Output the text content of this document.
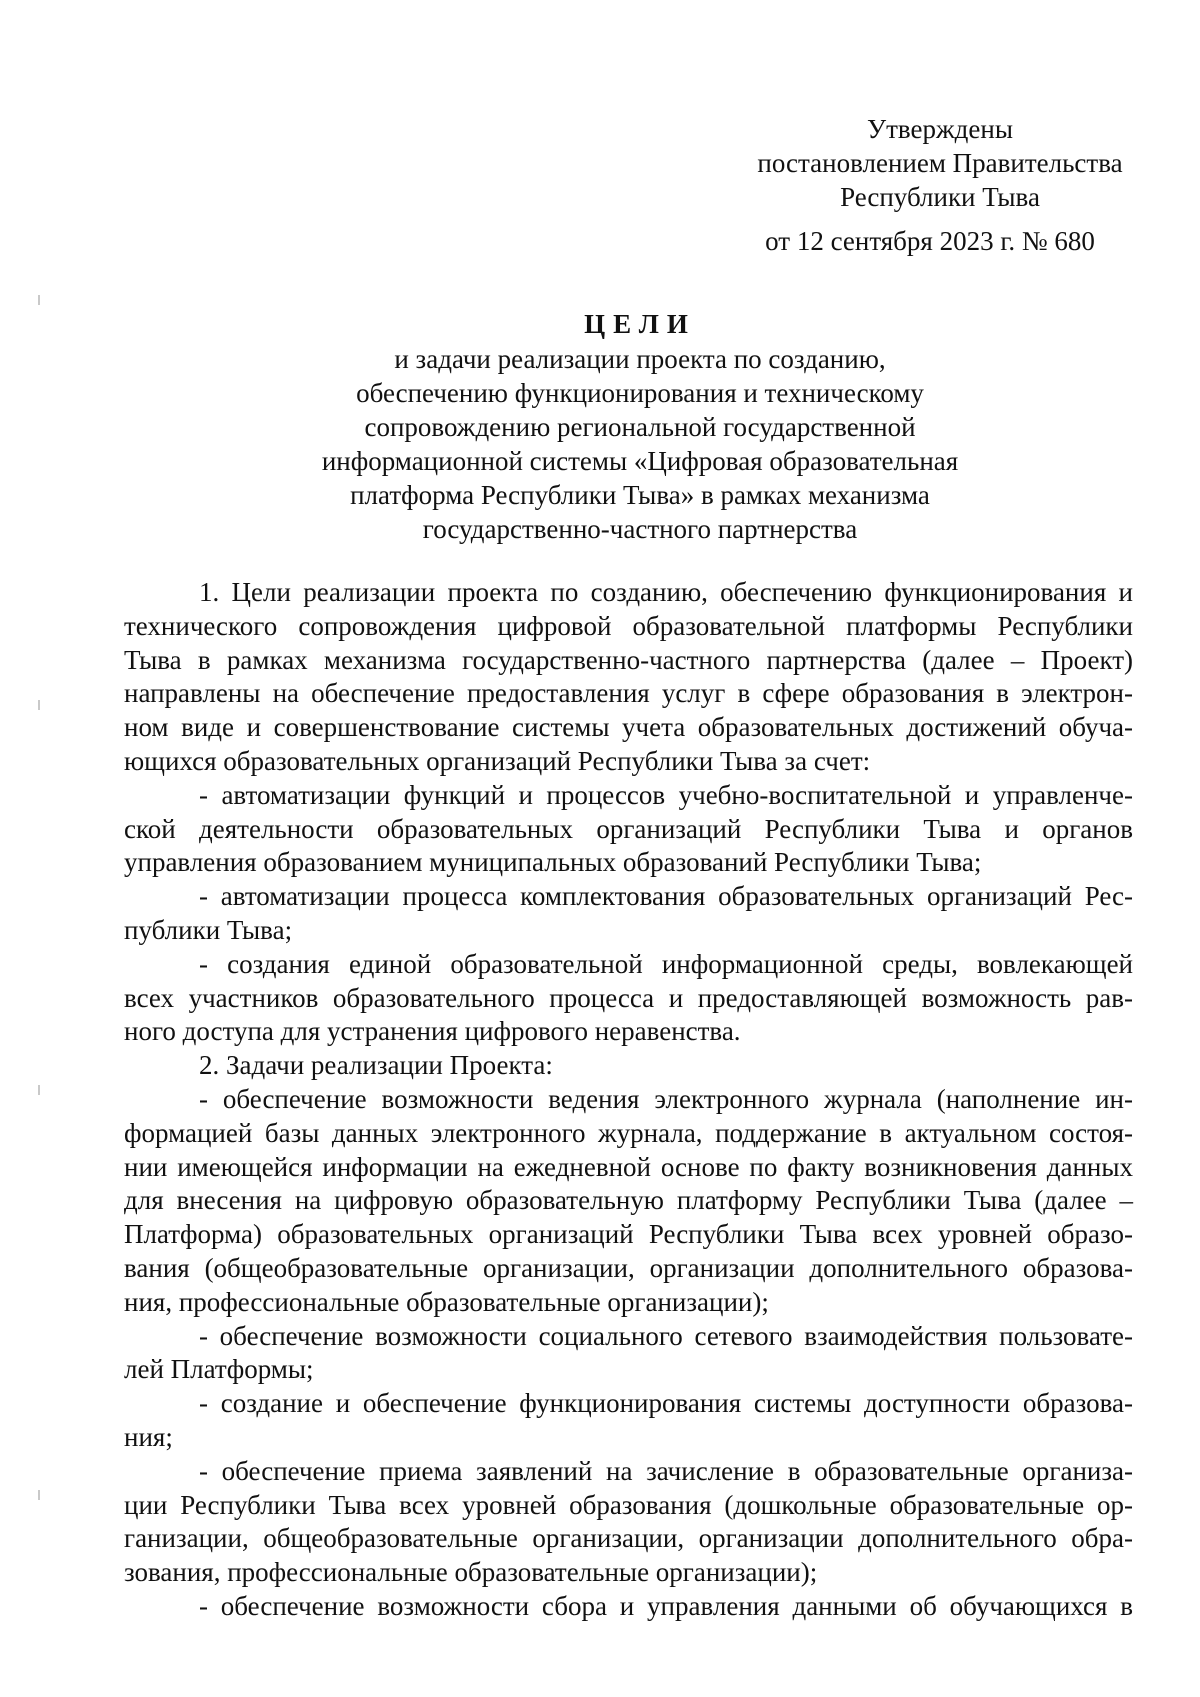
Утверждены
постановлением Правительства
Республики Тыва
от 12 сентября 2023 г. № 680
ЦЕЛИ
и задачи реализации проекта по созданию,
обеспечению функционирования и техническому
сопровождению региональной государственной
информационной системы «Цифровая образовательная
платформа Республики Тыва» в рамках механизма
государственно-частного партнерства
1. Цели реализации проекта по созданию, обеспечению функционирования и
технического сопровождения цифровой образовательной платформы Республики
Тыва в рамках механизма государственно-частного партнерства (далее – Проект)
направлены на обеспечение предоставления услуг в сфере образования в электрон-
ном виде и совершенствование системы учета образовательных достижений обуча-
ющихся образовательных организаций Республики Тыва за счет:
- автоматизации функций и процессов учебно-воспитательной и управленче-
ской деятельности образовательных организаций Республики Тыва и органов
управления образованием муниципальных образований Республики Тыва;
- автоматизации процесса комплектования образовательных организаций Рес-
публики Тыва;
- создания единой образовательной информационной среды, вовлекающей
всех участников образовательного процесса и предоставляющей возможность рав-
ного доступа для устранения цифрового неравенства.
2. Задачи реализации Проекта:
- обеспечение возможности ведения электронного журнала (наполнение ин-
формацией базы данных электронного журнала, поддержание в актуальном состоя-
нии имеющейся информации на ежедневной основе по факту возникновения данных
для внесения на цифровую образовательную платформу Республики Тыва (далее –
Платформа) образовательных организаций Республики Тыва всех уровней образо-
вания (общеобразовательные организации, организации дополнительного образова-
ния, профессиональные образовательные организации);
- обеспечение возможности социального сетевого взаимодействия пользовате-
лей Платформы;
- создание и обеспечение функционирования системы доступности образова-
ния;
- обеспечение приема заявлений на зачисление в образовательные организа-
ции Республики Тыва всех уровней образования (дошкольные образовательные ор-
ганизации, общеобразовательные организации, организации дополнительного обра-
зования, профессиональные образовательные организации);
- обеспечение возможности сбора и управления данными об обучающихся в
